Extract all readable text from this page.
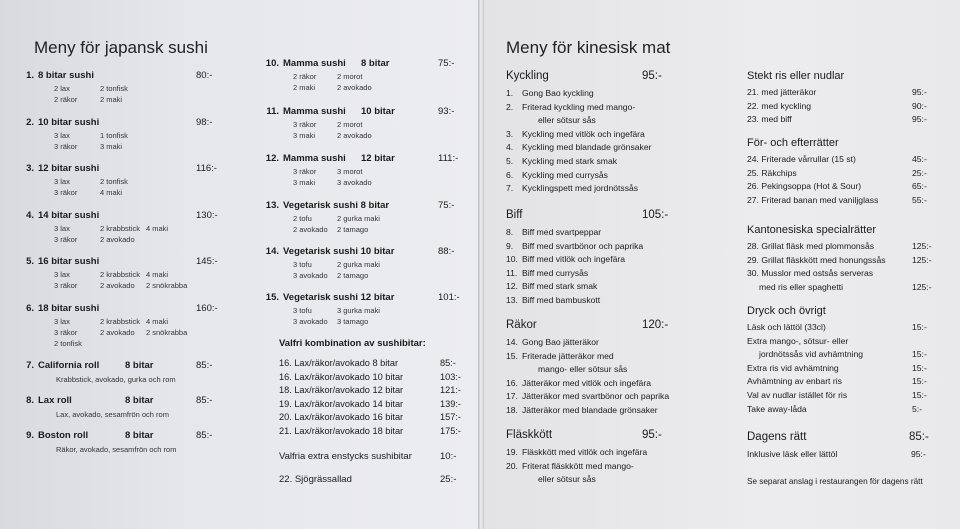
Meny för japansk sushi
1. 8 bitar sushi	80:-
2 lax	2 tonfisk
2 räkor	2 maki
2. 10 bitar sushi	98:-
3 lax	1 tonfisk
3 räkor	3 maki
3. 12 bitar sushi	116:-
3 lax	2 tonfisk
3 räkor	4 maki
4. 14 bitar sushi	130:-
3 lax	2 krabbstick 4 maki
3 räkor	2 avokado
5. 16 bitar sushi	145:-
3 lax	2 krabbstick 4 maki
3 räkor	2 avokado 2 snökrabba
6. 18 bitar sushi	160:-
3 lax	2 krabbstick 4 maki
3 räkor	2 avokado 2 snökrabba
2 tonfisk
7. California roll	8 bitar	85:-
Krabbstick, avokado, gurka och rom
8. Lax roll	8 bitar	85:-
Lax, avokado, sesamfrön och rom
9. Boston roll	8 bitar	85:-
Räkor, avokado, sesamfrön och rom
10. Mamma sushi 8 bitar	75:-
2 räkor	2 morot
2 maki	2 avokado
11. Mamma sushi 10 bitar	93:-
3 räkor	2 morot
3 maki	2 avokado
12. Mamma sushi 12 bitar	111:-
3 räkor	3 morot
3 maki	3 avokado
13. Vegetarisk sushi 8 bitar	75:-
2 tofu	2 gurka maki
2 avokado 2 tamago
14. Vegetarisk sushi 10 bitar	88:-
3 tofu	2 gurka maki
3 avokado 2 tamago
15. Vegetarisk sushi 12 bitar	101:-
3 tofu	3 gurka maki
3 avokado 3 tamago
Valfri kombination av sushibitar:
16. Lax/räkor/avokado 8 bitar	85:-
16. Lax/räkor/avokado 10 bitar	103:-
18. Lax/räkor/avokado 12 bitar	121:-
19. Lax/räkor/avokado 14 bitar	139:-
20. Lax/räkor/avokado 16 bitar	157:-
21. Lax/räkor/avokado 18 bitar	175:-
Valfria extra enstycks sushibitar	10:-
22. Sjögrässallad	25:-
Meny för kinesisk mat
Kyckling	95:-
1. Gong Bao kyckling
2. Friterad kyckling med mango-
eller sötsur sås
3. Kyckling med vitlök och ingefära
4. Kyckling med blandade grönsaker
5. Kyckling med stark smak
6. Kyckling med currysås
7. Kycklingspett med jordnötssås
Biff	105:-
8. Biff med svartpeppar
9. Biff med svartbönor och paprika
10. Biff med vitlök och ingefära
11. Biff med currysås
12. Biff med stark smak
13. Biff med bambuskott
Räkor	120:-
14. Gong Bao jätteräkor
15. Friterade jätteräkor med
mango- eller sötsur sås
16. Jätteräkor med vitlök och ingefära
17. Jätteräkor med svartbönor och paprika
18. Jätteräkor med blandade grönsaker
Fläskkött	95:-
19. Fläskkött med vitlök och ingefära
20. Friterat fläskkött med mango-
eller sötsur sås
Stekt ris eller nudlar
21. med jätteräkor	95:-
22. med kyckling	90:-
23. med biff	95:-
För- och efterrätter
24. Friterade vårrullar (15 st)	45:-
25. Räkchips	25:-
26. Pekingsoppa (Hot & Sour)	65:-
27. Friterad banan med vaniljglass	55:-
Kantonesiska specialrätter
28. Grillat fläsk med plommonsås	125:-
29. Grillat fläskkött med honungssås	125:-
30. Musslor med ostsås serveras
med ris eller spaghetti	125:-
Dryck och övrigt
Läsk och lättöl (33cl)	15:-
Extra mango-, sötsur- eller
jordnötssås vid avhämtning	15:-
Extra ris vid avhämtning	15:-
Avhämtning av enbart ris	15:-
Val av nudlar istället för ris	15:-
Take away-låda	5:-
Dagens rätt	85:-
Inklusive läsk eller lättöl	95:-
Se separat anslag i restaurangen för dagens rätt
